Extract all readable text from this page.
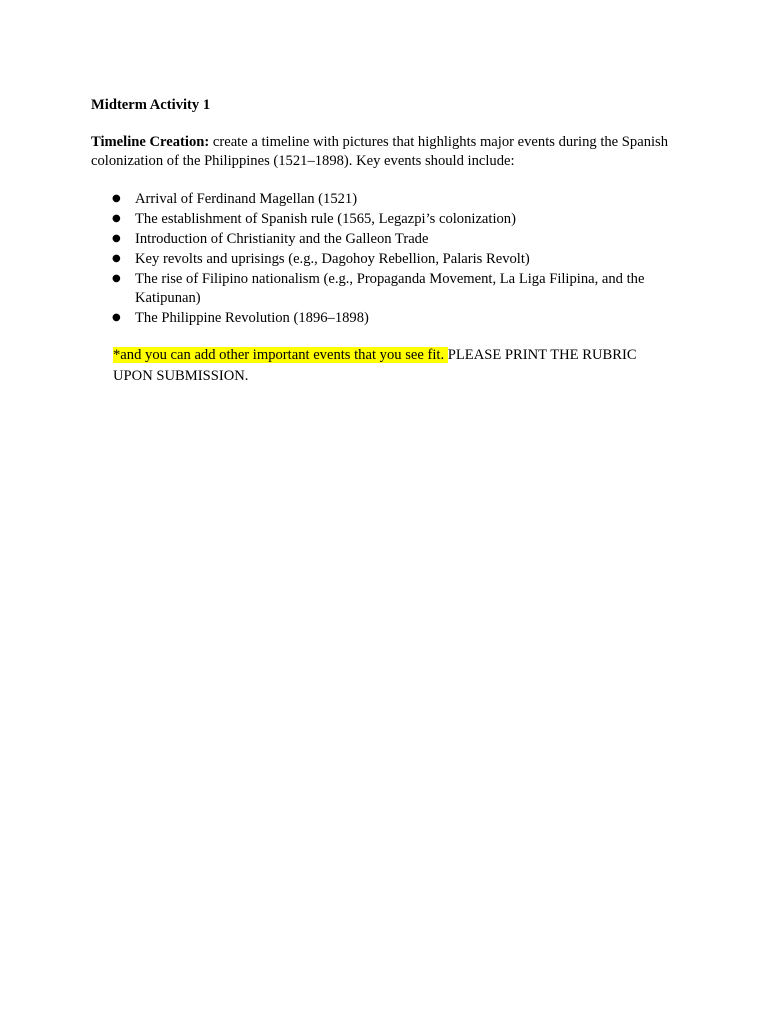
Midterm Activity 1

Timeline Creation: create a timeline with pictures that highlights major events during the Spanish colonization of the Philippines (1521–1898). Key events should include:

● Arrival of Ferdinand Magellan (1521)
● The establishment of Spanish rule (1565, Legazpi’s colonization)
● Introduction of Christianity and the Galleon Trade
● Key revolts and uprisings (e.g., Dagohoy Rebellion, Palaris Revolt)
● The rise of Filipino nationalism (e.g., Propaganda Movement, La Liga Filipina, and the Katipunan)
● The Philippine Revolution (1896–1898)

*and you can add other important events that you see fit. PLEASE PRINT THE RUBRIC UPON SUBMISSION.
